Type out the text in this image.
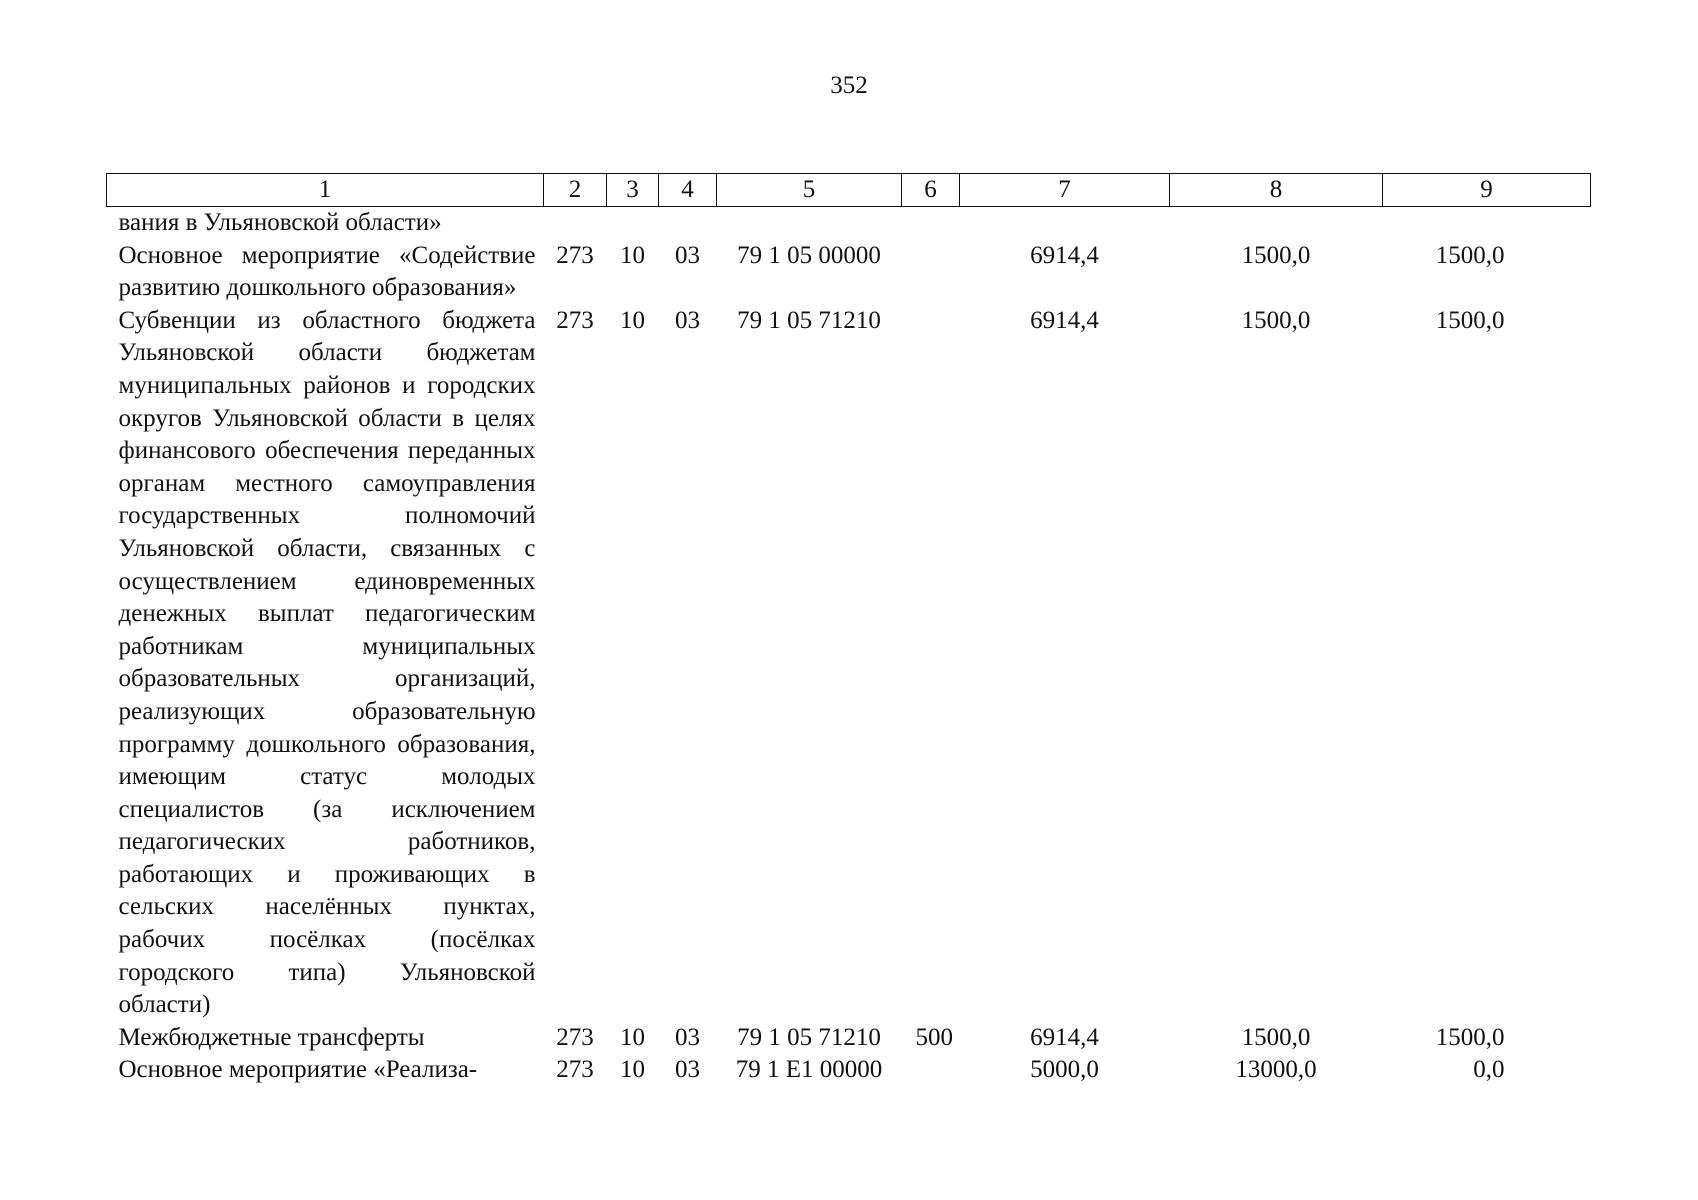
352
1	2	3	4	5	6	7	8	9
вания в Ульяновской области»								
Основное мероприятие «Содействие развитию дошкольного образования»	273	10	03	79 1 05 00000		6914,4	1500,0	1500,0
Субвенции из областного бюджета Ульяновской области бюджетам муниципальных районов и городских округов Ульяновской области в целях финансового обеспечения переданных органам местного самоуправления государственных полномочий Ульяновской области, связанных с осуществлением единовременных денежных выплат педагогическим работникам муниципальных образовательных организаций, реализующих образовательную программу дошкольного образования, имеющим статус молодых специалистов (за исключением педагогических работников, работающих и проживающих в сельских населённых пунктах, рабочих посёлках (посёлках городского типа) Ульяновской области)	273	10	03	79 1 05 71210		6914,4	1500,0	1500,0
Межбюджетные трансферты	273	10	03	79 1 05 71210	500	6914,4	1500,0	1500,0
Основное мероприятие «Реализа-	273	10	03	79 1 E1 00000		5000,0	13000,0	0,0
